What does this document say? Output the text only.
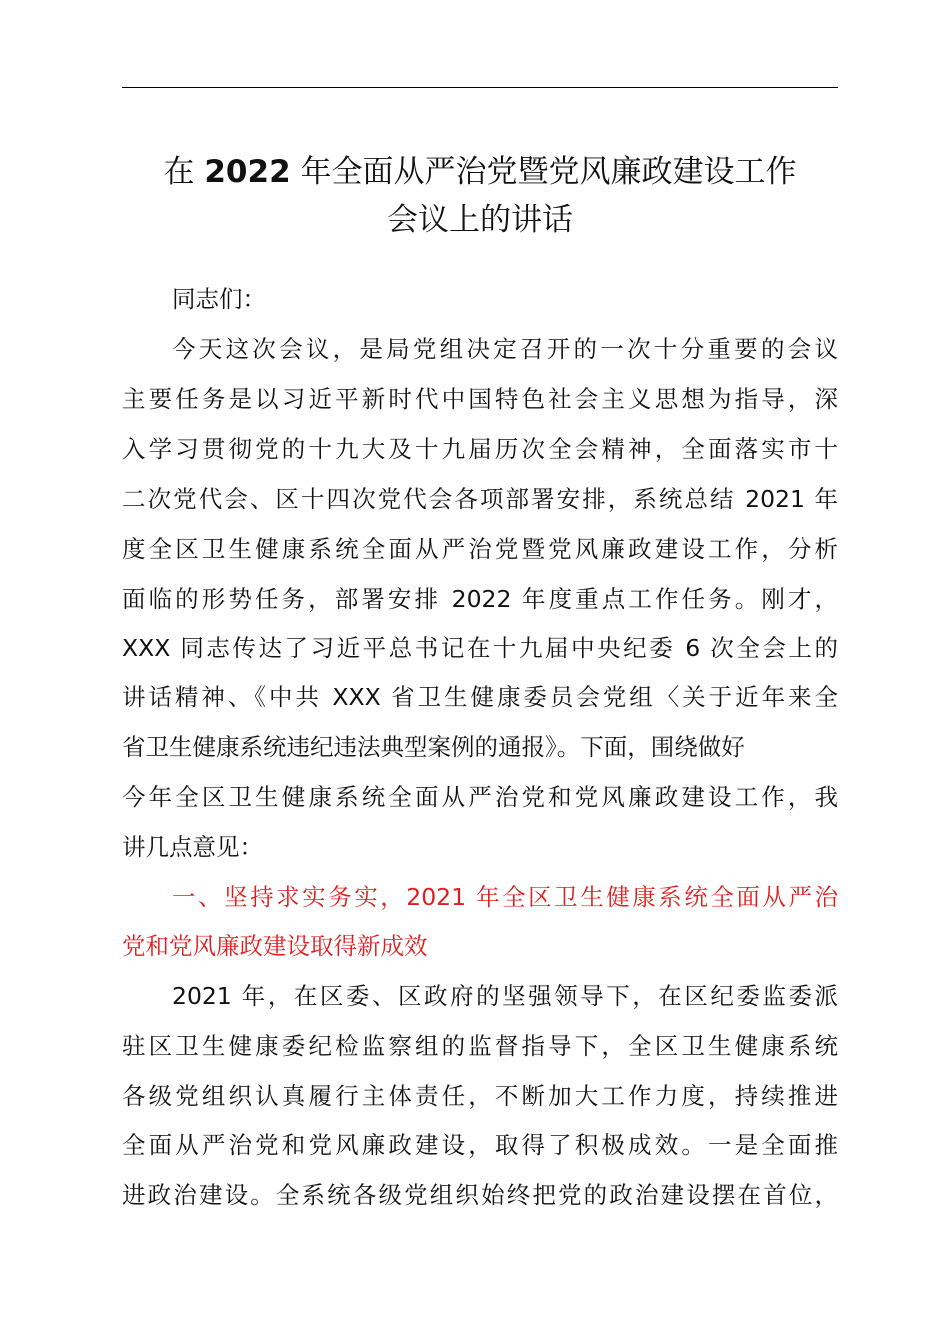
在 2022 年全面从严治党暨党风廉政建设工作
会议上的讲话

同志们：

今天这次会议，是局党组决定召开的一次十分重要的会议

主要任务是以习近平新时代中国特色社会主义思想为指导，深

入学习贯彻党的十九大及十九届历次全会精神，全面落实市十

二次党代会、区十四次党代会各项部署安排，系统总结 2021 年

度全区卫生健康系统全面从严治党暨党风廉政建设工作，分析

面临的形势任务，部署安排 2022 年度重点工作任务。刚才，

XXX 同志传达了习近平总书记在十九届中央纪委 6 次全会上的

讲话精神、《中共 XXX 省卫生健康委员会党组〈关于近年来全

省卫生健康系统违纪违法典型案例的通报》。下面，围绕做好

今年全区卫生健康系统全面从严治党和党风廉政建设工作，我

讲几点意见：

一、坚持求实务实，2021 年全区卫生健康系统全面从严治

党和党风廉政建设取得新成效

2021 年，在区委、区政府的坚强领导下，在区纪委监委派

驻区卫生健康委纪检监察组的监督指导下，全区卫生健康系统

各级党组织认真履行主体责任，不断加大工作力度，持续推进

全面从严治党和党风廉政建设，取得了积极成效。一是全面推

进政治建设。全系统各级党组织始终把党的政治建设摆在首位，
